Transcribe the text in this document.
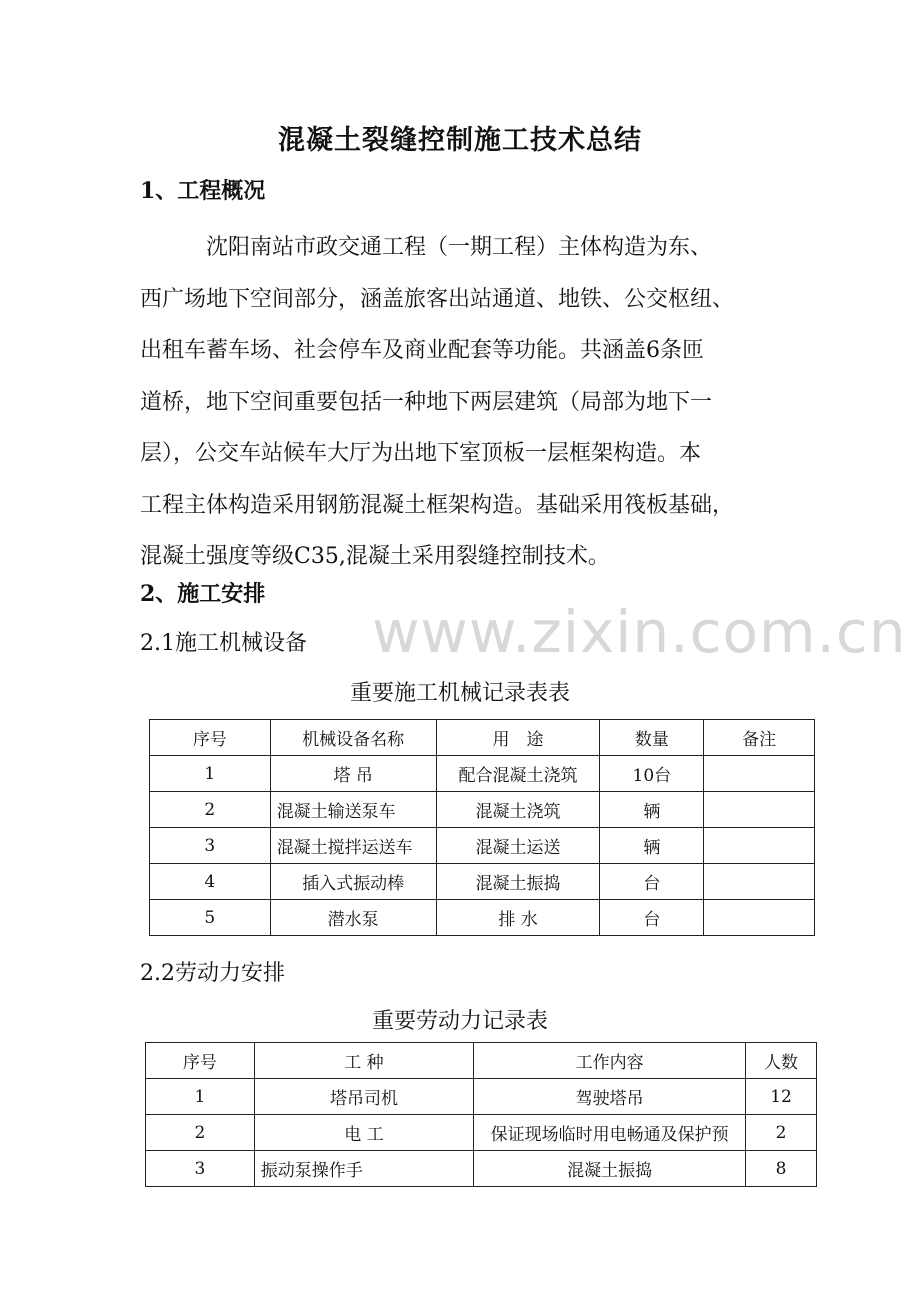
混凝土裂缝控制施工技术总结
1、工程概况
　　　沈阳南站市政交通工程（一期工程）主体构造为东、
西广场地下空间部分，涵盖旅客出站通道、地铁、公交枢纽、
出租车蓄车场、社会停车及商业配套等功能。共涵盖6条匝
道桥，地下空间重要包括一种地下两层建筑（局部为地下一
层），公交车站候车大厅为出地下室顶板一层框架构造。本
工程主体构造采用钢筋混凝土框架构造。基础采用筏板基础，
混凝土强度等级C35,混凝土采用裂缝控制技术。
2、施工安排
2.1施工机械设备 www.zixin.com.cn
重要施工机械记录表表
序号	机械设备名称	用　途	数量	备注
1	塔 吊	配合混凝土浇筑	10台	
2	混凝土输送泵车	混凝土浇筑	辆	
3	混凝土搅拌运送车	混凝土运送	辆	
4	插入式振动棒	混凝土振捣	台	
5	潜水泵	排 水	台	
2.2劳动力安排
重要劳动力记录表
序号	工 种	工作内容	人数
1	塔吊司机	驾驶塔吊	12
2	电 工	保证现场临时用电畅通及保护预	2
3	振动泵操作手	混凝土振捣	8
